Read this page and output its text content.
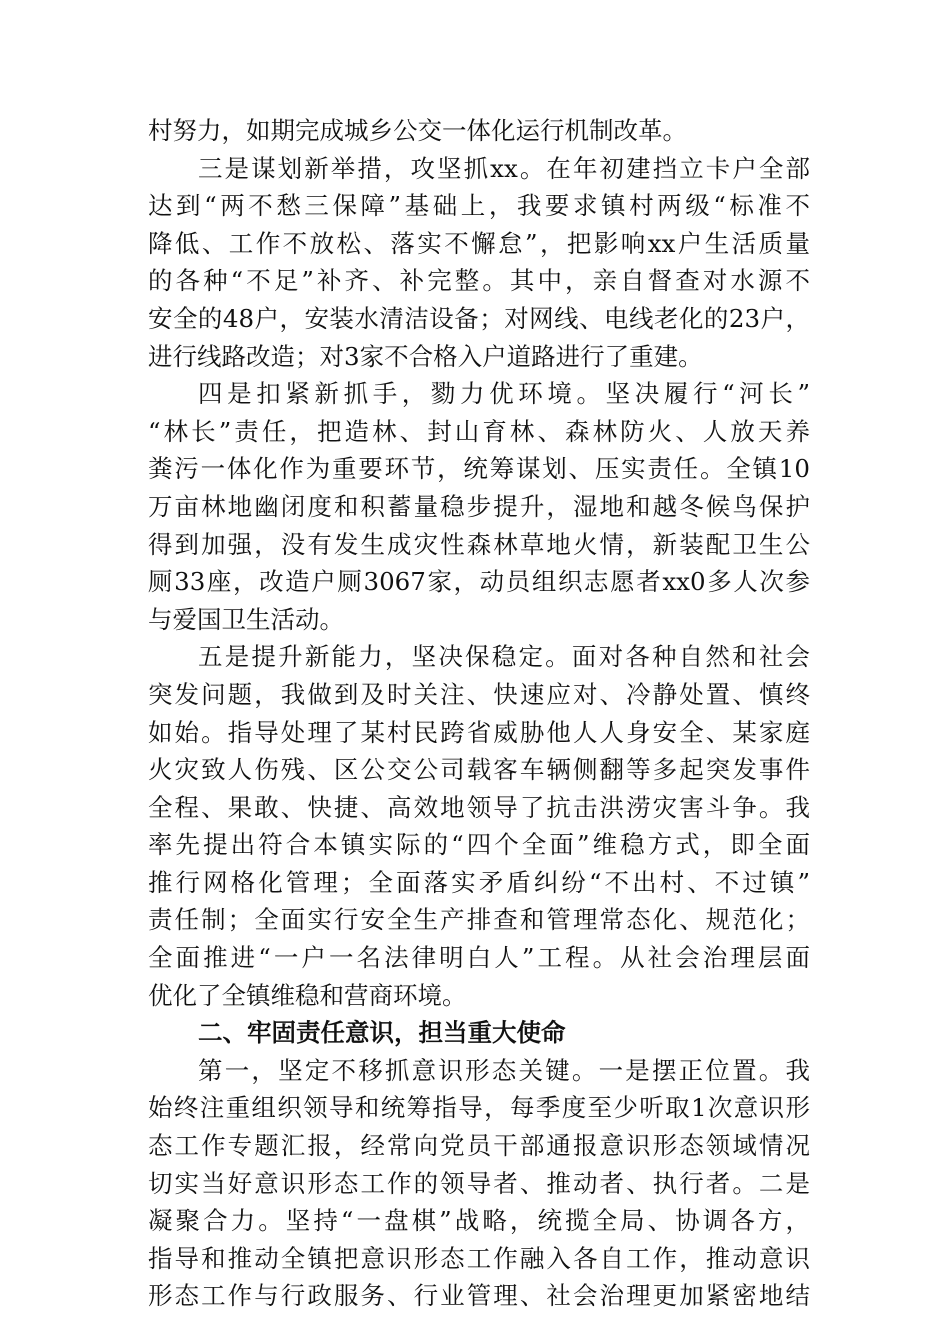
村努力，如期完成城乡公交一体化运行机制改革。
三是谋划新举措，攻坚抓xx。在年初建挡立卡户全部
达到“两不愁三保障”基础上，我要求镇村两级“标准不
降低、工作不放松、落实不懈怠”，把影响xx户生活质量
的各种“不足”补齐、补完整。其中，亲自督查对水源不
安全的48户，安装水清洁设备；对网线、电线老化的23户，
进行线路改造；对3家不合格入户道路进行了重建。
四是扣紧新抓手，勠力优环境。坚决履行“河长”
“林长”责任，把造林、封山育林、森林防火、人放天养
粪污一体化作为重要环节，统筹谋划、压实责任。全镇10
万亩林地幽闭度和积蓄量稳步提升，湿地和越冬候鸟保护
得到加强，没有发生成灾性森林草地火情，新装配卫生公
厕33座，改造户厕3067家，动员组织志愿者xx0多人次参
与爱国卫生活动。
五是提升新能力，坚决保稳定。面对各种自然和社会
突发问题，我做到及时关注、快速应对、冷静处置、慎终
如始。指导处理了某村民跨省威胁他人人身安全、某家庭
火灾致人伤残、区公交公司载客车辆侧翻等多起突发事件
全程、果敢、快捷、高效地领导了抗击洪涝灾害斗争。我
率先提出符合本镇实际的“四个全面”维稳方式，即全面
推行网格化管理；全面落实矛盾纠纷“不出村、不过镇”
责任制；全面实行安全生产排查和管理常态化、规范化；
全面推进“一户一名法律明白人”工程。从社会治理层面
优化了全镇维稳和营商环境。
二、牢固责任意识，担当重大使命
第一，坚定不移抓意识形态关键。一是摆正位置。我
始终注重组织领导和统筹指导，每季度至少听取1次意识形
态工作专题汇报，经常向党员干部通报意识形态领域情况
切实当好意识形态工作的领导者、推动者、执行者。二是
凝聚合力。坚持“一盘棋”战略，统揽全局、协调各方，
指导和推动全镇把意识形态工作融入各自工作，推动意识
形态工作与行政服务、行业管理、社会治理更加紧密地结
